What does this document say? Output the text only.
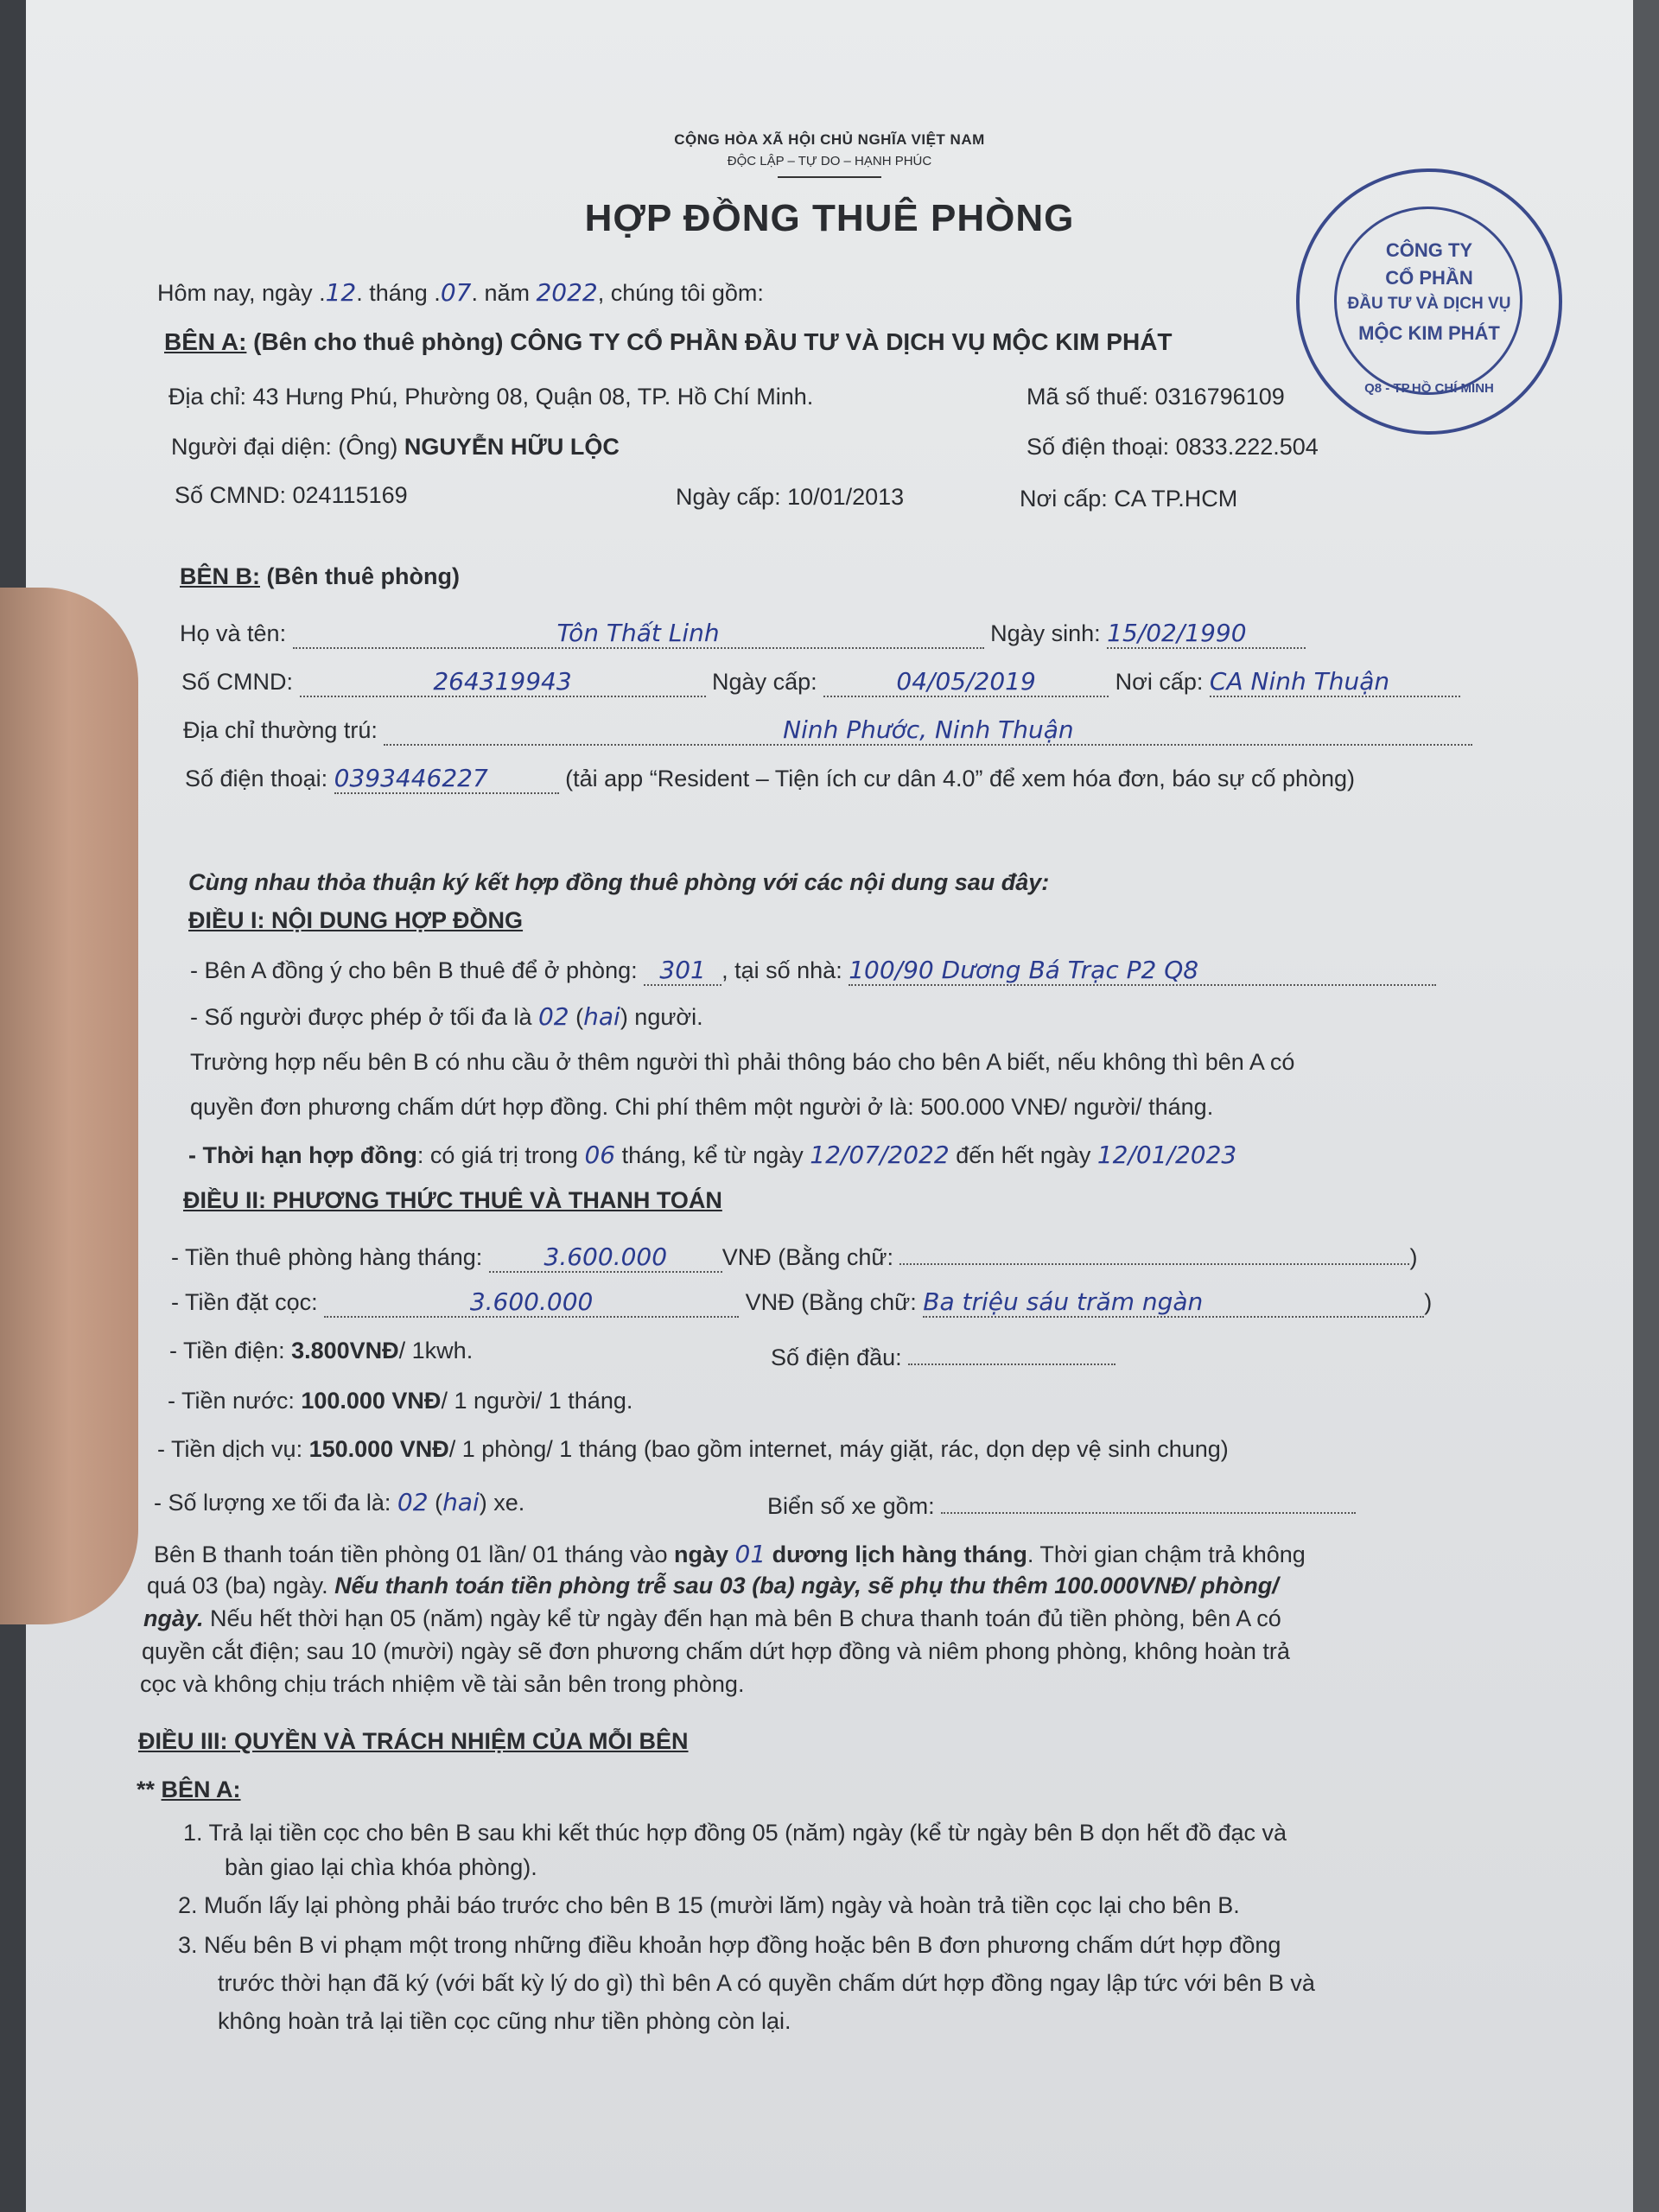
CỘNG HÒA XÃ HỘI CHỦ NGHĨA VIỆT NAM
ĐỘC LẬP – TỰ DO – HẠNH PHÚC
HỢP ĐỒNG THUÊ PHÒNG
CÔNG TY
CỔ PHẦN
ĐẦU TƯ VÀ DỊCH VỤ
MỘC KIM PHÁT
Q8 - TP.HỒ CHÍ MINH
Hôm nay, ngày .12. tháng .07. năm 2022, chúng tôi gồm:
BÊN A: (Bên cho thuê phòng) CÔNG TY CỔ PHẦN ĐẦU TƯ VÀ DỊCH VỤ MỘC KIM PHÁT
Địa chỉ: 43 Hưng Phú, Phường 08, Quận 08, TP. Hồ Chí Minh.	Mã số thuế: 0316796109
Người đại diện: (Ông) NGUYỄN HỮU LỘC	Số điện thoại: 0833.222.504
Số CMND: 024115169	Ngày cấp: 10/01/2013	Nơi cấp: CA TP.HCM
BÊN B: (Bên thuê phòng)
Họ và tên:	Tôn Thất Linh	Ngày sinh: 15/02/1990
Số CMND:	264319943	Ngày cấp:	04/05/2019	Nơi cấp: CA Ninh Thuận
Địa chỉ thường trú:	Ninh Phước, Ninh Thuận
Số điện thoại: 0393446227	(tải app “Resident – Tiện ích cư dân 4.0” để xem hóa đơn, báo sự cố phòng)
Cùng nhau thỏa thuận ký kết hợp đồng thuê phòng với các nội dung sau đây:
ĐIỀU I: NỘI DUNG HỢP ĐỒNG
- Bên A đồng ý cho bên B thuê để ở phòng: 301 , tại số nhà: 100/90 Dương Bá Trạc P2 Q8
- Số người được phép ở tối đa là 02 (hai) người.
Trường hợp nếu bên B có nhu cầu ở thêm người thì phải thông báo cho bên A biết, nếu không thì bên A có
quyền đơn phương chấm dứt hợp đồng. Chi phí thêm một người ở là: 500.000 VNĐ/ người/ tháng.
- Thời hạn hợp đồng: có giá trị trong 06 tháng, kể từ ngày 12/07/2022 đến hết ngày 12/01/2023
ĐIỀU II: PHƯƠNG THỨC THUÊ VÀ THANH TOÁN
- Tiền thuê phòng hàng tháng: 3.600.000 VNĐ (Bằng chữ:	)
- Tiền đặt cọc:	3.600.000	VNĐ (Bằng chữ: Ba triệu sáu trăm ngàn	)
- Tiền điện: 3.800VNĐ/ 1kwh.	Số điện đầu:
- Tiền nước: 100.000 VNĐ/ 1 người/ 1 tháng.
- Tiền dịch vụ: 150.000 VNĐ/ 1 phòng/ 1 tháng (bao gồm internet, máy giặt, rác, dọn dẹp vệ sinh chung)
- Số lượng xe tối đa là: 02 (hai) xe.	Biển số xe gồm:
Bên B thanh toán tiền phòng 01 lần/ 01 tháng vào ngày 01 dương lịch hàng tháng. Thời gian chậm trả không
quá 03 (ba) ngày. Nếu thanh toán tiền phòng trễ sau 03 (ba) ngày, sẽ phụ thu thêm 100.000VNĐ/ phòng/
ngày. Nếu hết thời hạn 05 (năm) ngày kể từ ngày đến hạn mà bên B chưa thanh toán đủ tiền phòng, bên A có
quyền cắt điện; sau 10 (mười) ngày sẽ đơn phương chấm dứt hợp đồng và niêm phong phòng, không hoàn trả
cọc và không chịu trách nhiệm về tài sản bên trong phòng.
ĐIỀU III: QUYỀN VÀ TRÁCH NHIỆM CỦA MỖI BÊN
** BÊN A:
1. Trả lại tiền cọc cho bên B sau khi kết thúc hợp đồng 05 (năm) ngày (kể từ ngày bên B dọn hết đồ đạc và
bàn giao lại chìa khóa phòng).
2. Muốn lấy lại phòng phải báo trước cho bên B 15 (mười lăm) ngày và hoàn trả tiền cọc lại cho bên B.
3. Nếu bên B vi phạm một trong những điều khoản hợp đồng hoặc bên B đơn phương chấm dứt hợp đồng
trước thời hạn đã ký (với bất kỳ lý do gì) thì bên A có quyền chấm dứt hợp đồng ngay lập tức với bên B và
không hoàn trả lại tiền cọc cũng như tiền phòng còn lại.
